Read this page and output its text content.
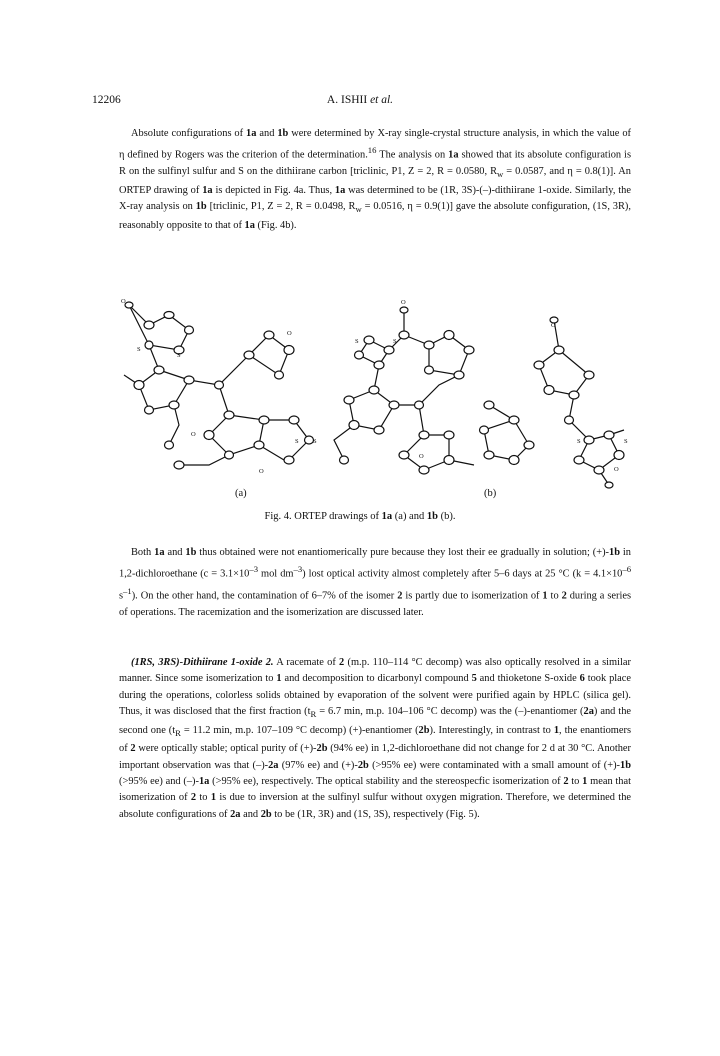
12206	A. ISHII et al.

Absolute configurations of 1a and 1b were determined by X-ray single-crystal structure analysis, in which the value of η defined by Rogers was the criterion of the determination.$^{16}$ The analysis on 1a showed that its absolute configuration is R on the sulfinyl sulfur and S on the dithiirane carbon [triclinic, P1, Z = 2, R = 0.0580, $R_w = 0.0587$, and η = 0.8(1)]. An ORTEP drawing of 1a is depicted in Fig. 4a. Thus, 1a was determined to be (1R, 3S)-(–)-dithiirane 1-oxide. Similarly, the X-ray analysis on 1b [triclinic, P1, Z = 2, R = 0.0498, $R_w = 0.0516$, η = 0.9(1)] gave the absolute configuration, (1S, 3R), reasonably opposite to that of 1a (Fig. 4b).

O
S
S
O
O
S S
O
S	S
O
O
S	S
O
O
(a)	(b)
Fig. 4. ORTEP drawings of 1a (a) and 1b (b).

Both 1a and 1b thus obtained were not enantiomerically pure because they lost their ee gradually in solution; (+)-1b in 1,2-dichloroethane ($c = 3.1\times 10^{-3}$ mol $dm^{-3}$) lost optical activity almost completely after 5–6 days at 25 °C ($k = 4.1\times 10^{-6}$ $s^{-1}$). On the other hand, the contamination of 6–7% of the isomer 2 is partly due to isomerization of 1 to 2 during a series of operations. The racemization and the isomerization are discussed later.

(1RS, 3RS)-Dithiirane 1-oxide 2. A racemate of 2 (m.p. 110–114 °C decomp) was also optically resolved in a similar manner. Since some isomerization to 1 and decomposition to dicarbonyl compound 5 and thioketone S-oxide 6 took place during the operations, colorless solids obtained by evaporation of the solvent were purified again by HPLC (silica gel). Thus, it was disclosed that the first fraction ($t_R = 6.7$ min, m.p. 104–106 °C decomp) was the (–)-enantiomer (2a) and the second one ($t_R = 11.2$ min, m.p. 107–109 °C decomp) (+)-enantiomer (2b). Interestingly, in contrast to 1, the enantiomers of 2 were optically stable; optical purity of (+)-2b (94% ee) in 1,2-dichloroethane did not change for 2 d at 30 °C. Another important observation was that (–)-2a (97% ee) and (+)-2b (>95% ee) were contaminated with a small amount of (+)-1b (>95% ee) and (–)-1a (>95% ee), respectively. The optical stability and the stereospecfic isomerization of 2 to 1 mean that isomerization of 2 to 1 is due to inversion at the sulfinyl sulfur without oxygen migration. Therefore, we determined the absolute configurations of 2a and 2b to be (1R, 3R) and (1S, 3S), respectively (Fig. 5).
